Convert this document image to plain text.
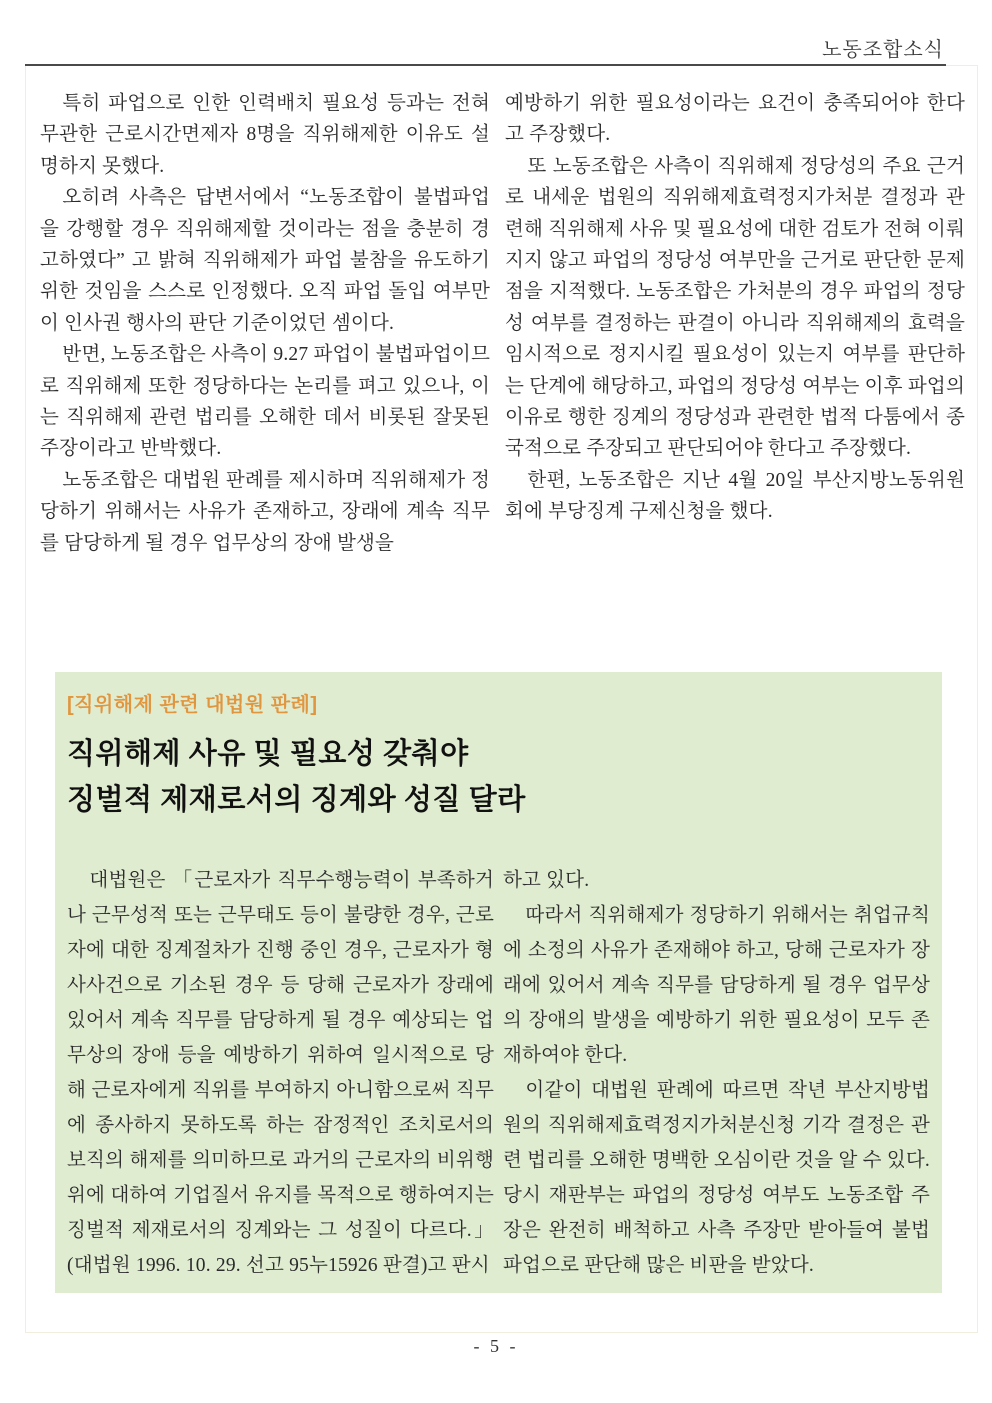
노동조합소식

특히 파업으로 인한 인력배치 필요성 등과는 전혀 무관한 근로시간면제자 8명을 직위해제한 이유도 설명하지 못했다.

오히려 사측은 답변서에서 “노동조합이 불법파업을 강행할 경우 직위해제할 것이라는 점을 충분히 경고하였다” 고 밝혀 직위해제가 파업 불참을 유도하기 위한 것임을 스스로 인정했다. 오직 파업 돌입 여부만이 인사권 행사의 판단 기준이었던 셈이다.

반면, 노동조합은 사측이 9.27 파업이 불법파업이므로 직위해제 또한 정당하다는 논리를 펴고 있으나, 이는 직위해제 관련 법리를 오해한 데서 비롯된 잘못된 주장이라고 반박했다.

노동조합은 대법원 판례를 제시하며 직위해제가 정당하기 위해서는 사유가 존재하고, 장래에 계속 직무를 담당하게 될 경우 업무상의 장애 발생을

예방하기 위한 필요성이라는 요건이 충족되어야 한다고 주장했다.

또 노동조합은 사측이 직위해제 정당성의 주요 근거로 내세운 법원의 직위해제효력정지가처분 결정과 관련해 직위해제 사유 및 필요성에 대한 검토가 전혀 이뤄지지 않고 파업의 정당성 여부만을 근거로 판단한 문제점을 지적했다. 노동조합은 가처분의 경우 파업의 정당성 여부를 결정하는 판결이 아니라 직위해제의 효력을 임시적으로 정지시킬 필요성이 있는지 여부를 판단하는 단계에 해당하고, 파업의 정당성 여부는 이후 파업의 이유로 행한 징계의 정당성과 관련한 법적 다툼에서 종국적으로 주장되고 판단되어야 한다고 주장했다.

한편, 노동조합은 지난 4월 20일 부산지방노동위원회에 부당징계 구제신청을 했다.

[직위해제 관련 대법원 판례]

직위해제 사유 및 필요성 갖춰야
징벌적 제재로서의 징계와 성질 달라

대법원은 「근로자가 직무수행능력이 부족하거나 근무성적 또는 근무태도 등이 불량한 경우, 근로자에 대한 징계절차가 진행 중인 경우, 근로자가 형사사건으로 기소된 경우 등 당해 근로자가 장래에 있어서 계속 직무를 담당하게 될 경우 예상되는 업무상의 장애 등을 예방하기 위하여 일시적으로 당해 근로자에게 직위를 부여하지 아니함으로써 직무에 종사하지 못하도록 하는 잠정적인 조치로서의 보직의 해제를 의미하므로 과거의 근로자의 비위행위에 대하여 기업질서 유지를 목적으로 행하여지는 징벌적 제재로서의 징계와는 그 성질이 다르다.」 (대법원 1996. 10. 29. 선고 95누15926 판결)고 판시

하고 있다.

따라서 직위해제가 정당하기 위해서는 취업규칙에 소정의 사유가 존재해야 하고, 당해 근로자가 장래에 있어서 계속 직무를 담당하게 될 경우 업무상의 장애의 발생을 예방하기 위한 필요성이 모두 존재하여야 한다.

이같이 대법원 판례에 따르면 작년 부산지방법원의 직위해제효력정지가처분신청 기각 결정은 관련 법리를 오해한 명백한 오심이란 것을 알 수 있다. 당시 재판부는 파업의 정당성 여부도 노동조합 주장은 완전히 배척하고 사측 주장만 받아들여 불법파업으로 판단해 많은 비판을 받았다.

- 5 -
